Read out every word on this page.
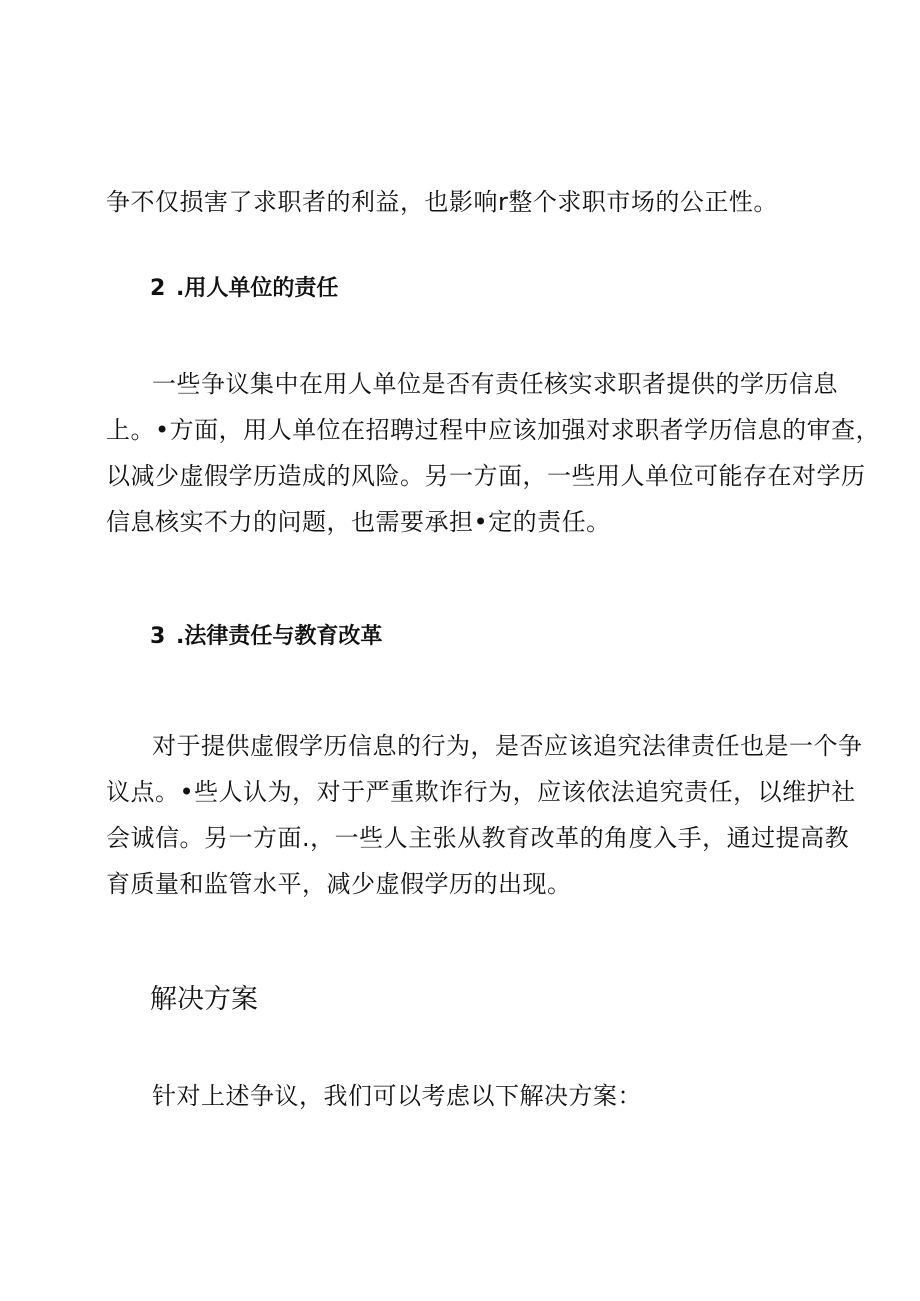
争不仅损害了求职者的利益，也影响r整个求职市场的公正性。
2 .用人单位的责任
一些争议集中在用人单位是否有责任核实求职者提供的学历信息
上。•方面，用人单位在招聘过程中应该加强对求职者学历信息的审查，
以减少虚假学历造成的风险。另一方面，一些用人单位可能存在对学历
信息核实不力的问题，也需要承担•定的责任。
3 .法律责任与教育改革
对于提供虚假学历信息的行为，是否应该追究法律责任也是一个争
议点。•些人认为，对于严重欺诈行为，应该依法追究责任，以维护社
会诚信。另一方面.，一些人主张从教育改革的角度入手，通过提高教
育质量和监管水平，减少虚假学历的出现。
解决方案
针对上述争议，我们可以考虑以下解决方案：
